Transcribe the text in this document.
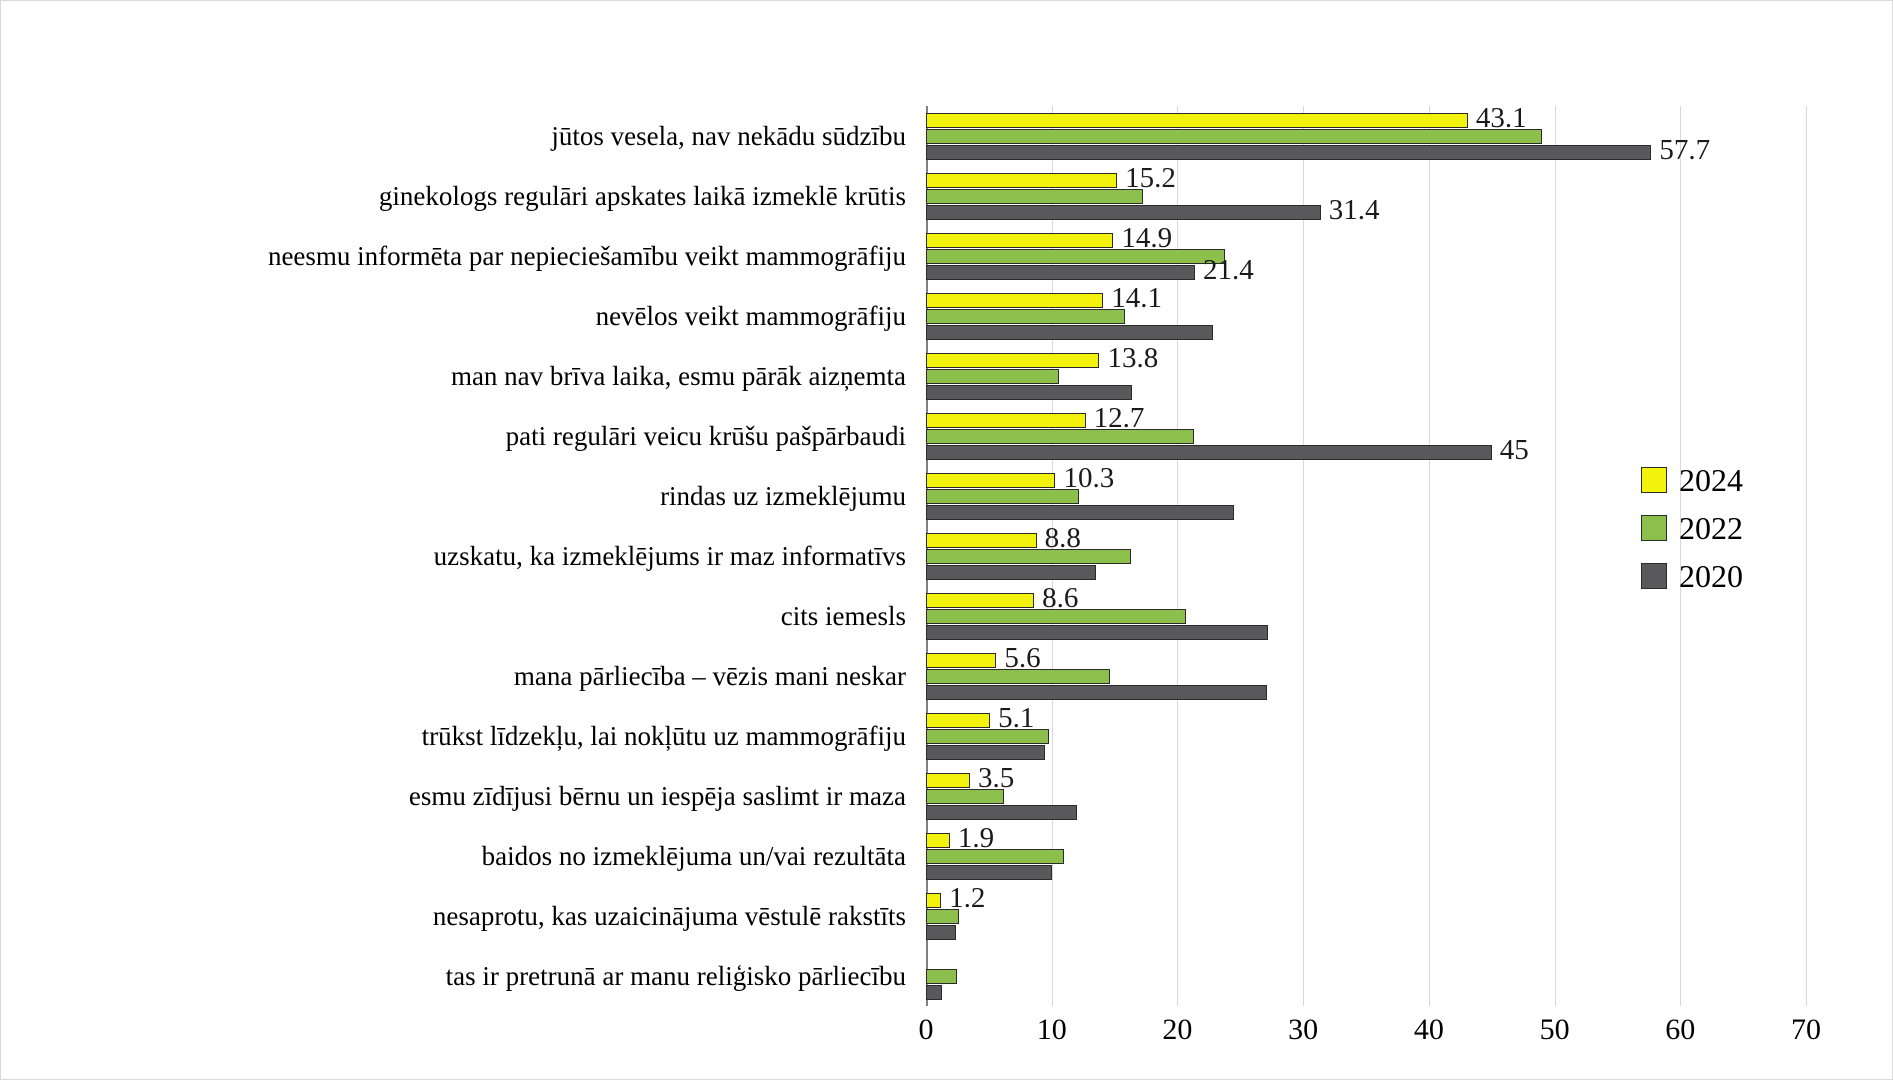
jūtos vesela, nav nekādu sūdzību
ginekologs regulāri apskates laikā izmeklē krūtis
neesmu informēta par nepieciešamību veikt mammogrāfiju
nevēlos veikt mammogrāfiju
man nav brīva laika, esmu pārāk aizņemta
pati regulāri veicu krūšu pašpārbaudi
rindas uz izmeklējumu
uzskatu, ka izmeklējums ir maz informatīvs
cits iemesls
mana pārliecība – vēzis mani neskar
trūkst līdzekļu, lai nokļūtu uz mammogrāfiju
esmu zīdījusi bērnu un iespēja saslimt ir maza
baidos no izmeklējuma un/vai rezultāta
nesaprotu, kas uzaicinājuma vēstulē rakstīts
tas ir pretrunā ar manu reliģisko pārliecību
43.1
57.7
15.2
31.4
14.9
21.4
14.1
13.8
12.7
45
10.3
8.8
8.6
5.6
5.1
3.5
1.9
1.2
0	10	20	30	40	50	60	70
2024
2022
2020
